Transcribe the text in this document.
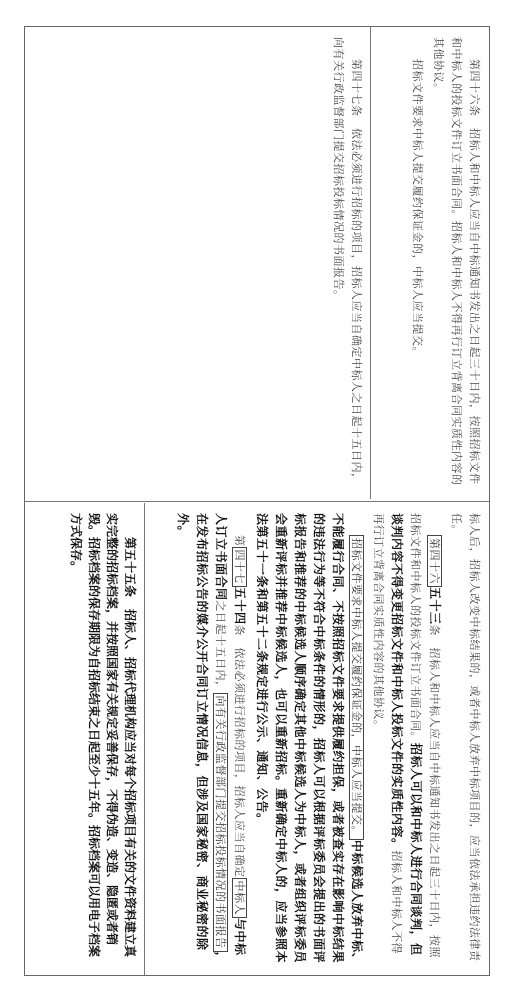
第四十六条　招标人和中标人应当自中标通知书发出之日起三十日内，按照招标文件和中标人的投标文件订立书面合同。招标人和中标人不得再行订立背离合同实质性内容的其他协议。

招标文件要求中标人提交履约保证金的，中标人应当提交。

第四十七条　依法必须进行招标的项目，招标人应当自确定中标人之日起十五日内，向有关行政监督部门提交招标投标情况的书面报告。

标人后，招标人改变中标结果的，或者中标人放弃中标项目的，应当依法承担违约法律责任。

第四十六五十三条　招标人和中标人应当自中标通知书发出之日起三十日内，按照招标文件和中标人的投标文件订立书面合同。招标人可以和中标人进行合同谈判，但谈判内容不得变更招标文件和中标人投标文件的实质性内容。招标人和中标人不得再行订立背离合同实质性内容的其他协议。

招标文件要求中标人提交履约保证金的，中标人应当提交。中标候选人放弃中标、不能履行合同、不按照招标文件要求提供履约担保，或者被查实存在影响中标结果的违法行为等不符合中标条件的情形的，招标人可以根据评标委员会提出的书面评标报告和推荐的中标候选人顺序确定其他中标候选人为中标人，或者组织评标委员会重新评标并推荐中标候选人，也可以重新招标。重新确定中标人的，应当参照本法第五十一条和第五十二条规定进行公示、通知、公告。

第四十七五十四条　依法必须进行招标的项目，招标人应当自确定中标人与中标人订立书面合同之日起十五日内，向有关行政监督部门提交招标投标情况的书面报告，在发布招标公告的媒介公开合同订立情况信息，但涉及国家秘密、商业秘密的除外。

第五十五条　招标人、招标代理机构应当对每个招标项目有关的文件资料建立真实完整的招标档案，并按照国家有关规定妥善保存，不得伪造、变造、隐匿或者销毁。招标档案的保存期限为自招标结束之日起至少十五年。招标档案可以用电子档案方式保存。
